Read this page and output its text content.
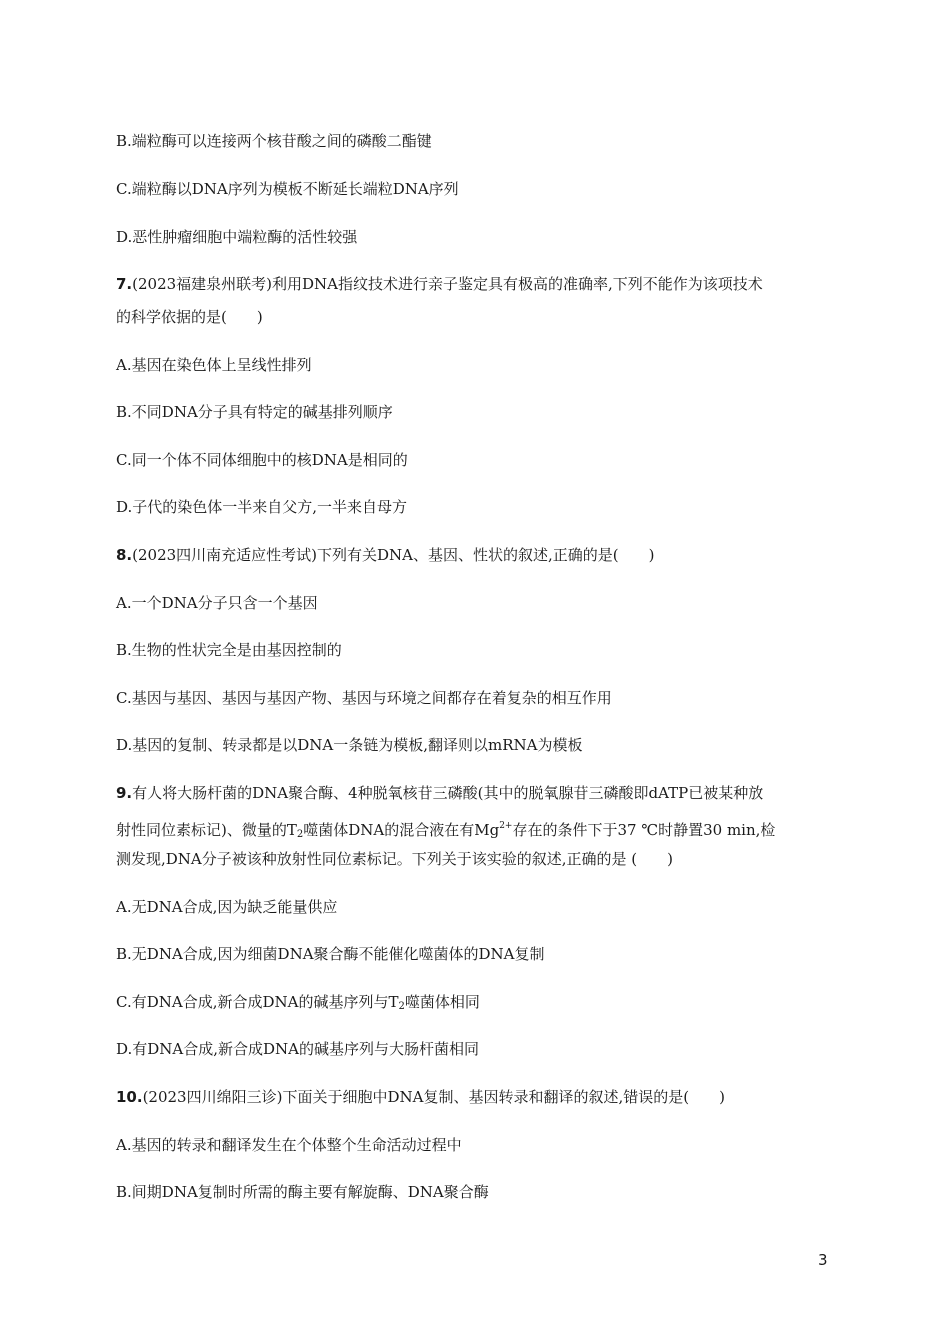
B.端粒酶可以连接两个核苷酸之间的磷酸二酯键
C.端粒酶以DNA序列为模板不断延长端粒DNA序列
D.恶性肿瘤细胞中端粒酶的活性较强
7.(2023福建泉州联考)利用DNA指纹技术进行亲子鉴定具有极高的准确率,下列不能作为该项技术
的科学依据的是( )
A.基因在染色体上呈线性排列
B.不同DNA分子具有特定的碱基排列顺序
C.同一个体不同体细胞中的核DNA是相同的
D.子代的染色体一半来自父方,一半来自母方
8.(2023四川南充适应性考试)下列有关DNA、基因、性状的叙述,正确的是( )
A.一个DNA分子只含一个基因
B.生物的性状完全是由基因控制的
C.基因与基因、基因与基因产物、基因与环境之间都存在着复杂的相互作用
D.基因的复制、转录都是以DNA一条链为模板,翻译则以mRNA为模板
9.有人将大肠杆菌的DNA聚合酶、4种脱氧核苷三磷酸(其中的脱氧腺苷三磷酸即dATP已被某种放
射性同位素标记)、微量的$T_2$噬菌体DNA的混合液在有$Mg^{2+}$存在的条件下于37 ℃时静置30 min,检
测发现,DNA分子被该种放射性同位素标记。下列关于该实验的叙述,正确的是 ( )
A.无DNA合成,因为缺乏能量供应
B.无DNA合成,因为细菌DNA聚合酶不能催化噬菌体的DNA复制
C.有DNA合成,新合成DNA的碱基序列与$T_2$噬菌体相同
D.有DNA合成,新合成DNA的碱基序列与大肠杆菌相同
10.(2023四川绵阳三诊)下面关于细胞中DNA复制、基因转录和翻译的叙述,错误的是( )
A.基因的转录和翻译发生在个体整个生命活动过程中
B.间期DNA复制时所需的酶主要有解旋酶、DNA聚合酶
3
